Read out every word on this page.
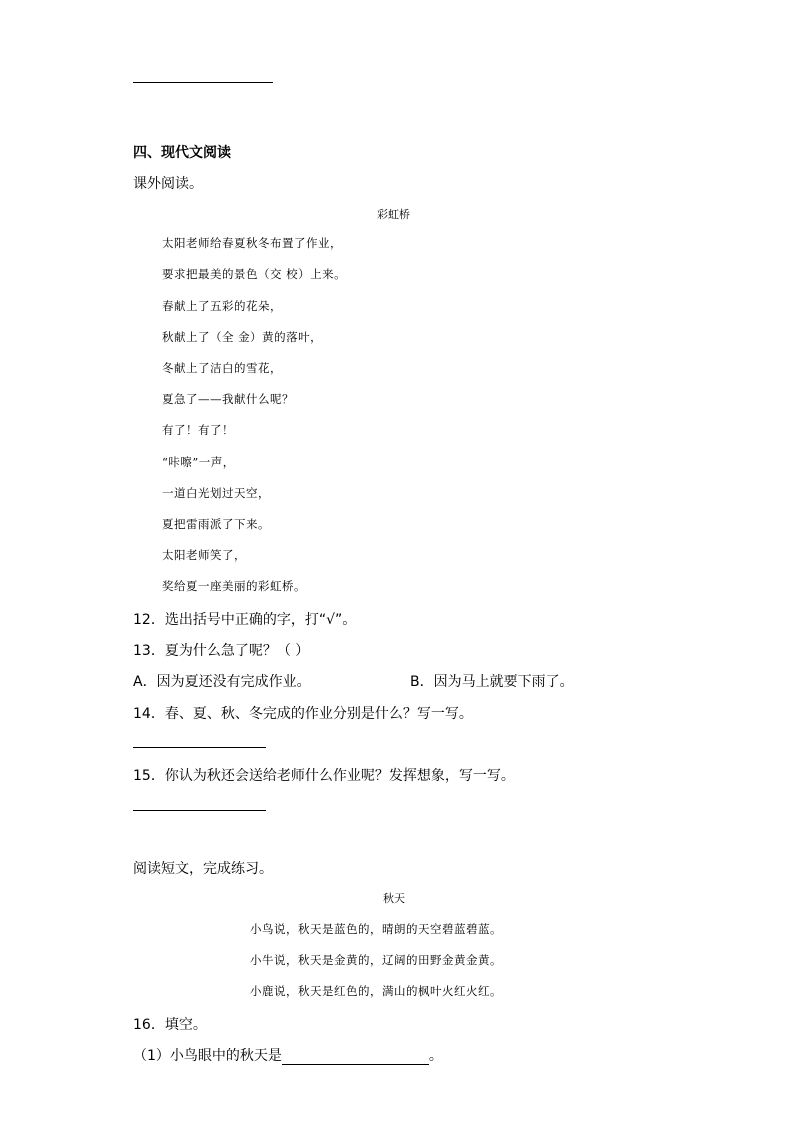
四、现代文阅读
课外阅读。
彩虹桥
太阳老师给春夏秋冬布置了作业，
要求把最美的景色（交 校）上来。
春献上了五彩的花朵，
秋献上了（全 金）黄的落叶，
冬献上了洁白的雪花，
夏急了——我献什么呢？
有了！有了！
“咔嚓”一声，
一道白光划过天空，
夏把雷雨派了下来。
太阳老师笑了，
奖给夏一座美丽的彩虹桥。
12．选出括号中正确的字，打“√”。
13．夏为什么急了呢？（ ）
A．因为夏还没有完成作业。	B．因为马上就要下雨了。
14．春、夏、秋、冬完成的作业分别是什么？写一写。
15．你认为秋还会送给老师什么作业呢？发挥想象，写一写。
阅读短文，完成练习。
秋天
小鸟说，秋天是蓝色的，晴朗的天空碧蓝碧蓝。
小牛说，秋天是金黄的，辽阔的田野金黄金黄。
小鹿说，秋天是红色的，满山的枫叶火红火红。
16．填空。
（1）小鸟眼中的秋天是	。
